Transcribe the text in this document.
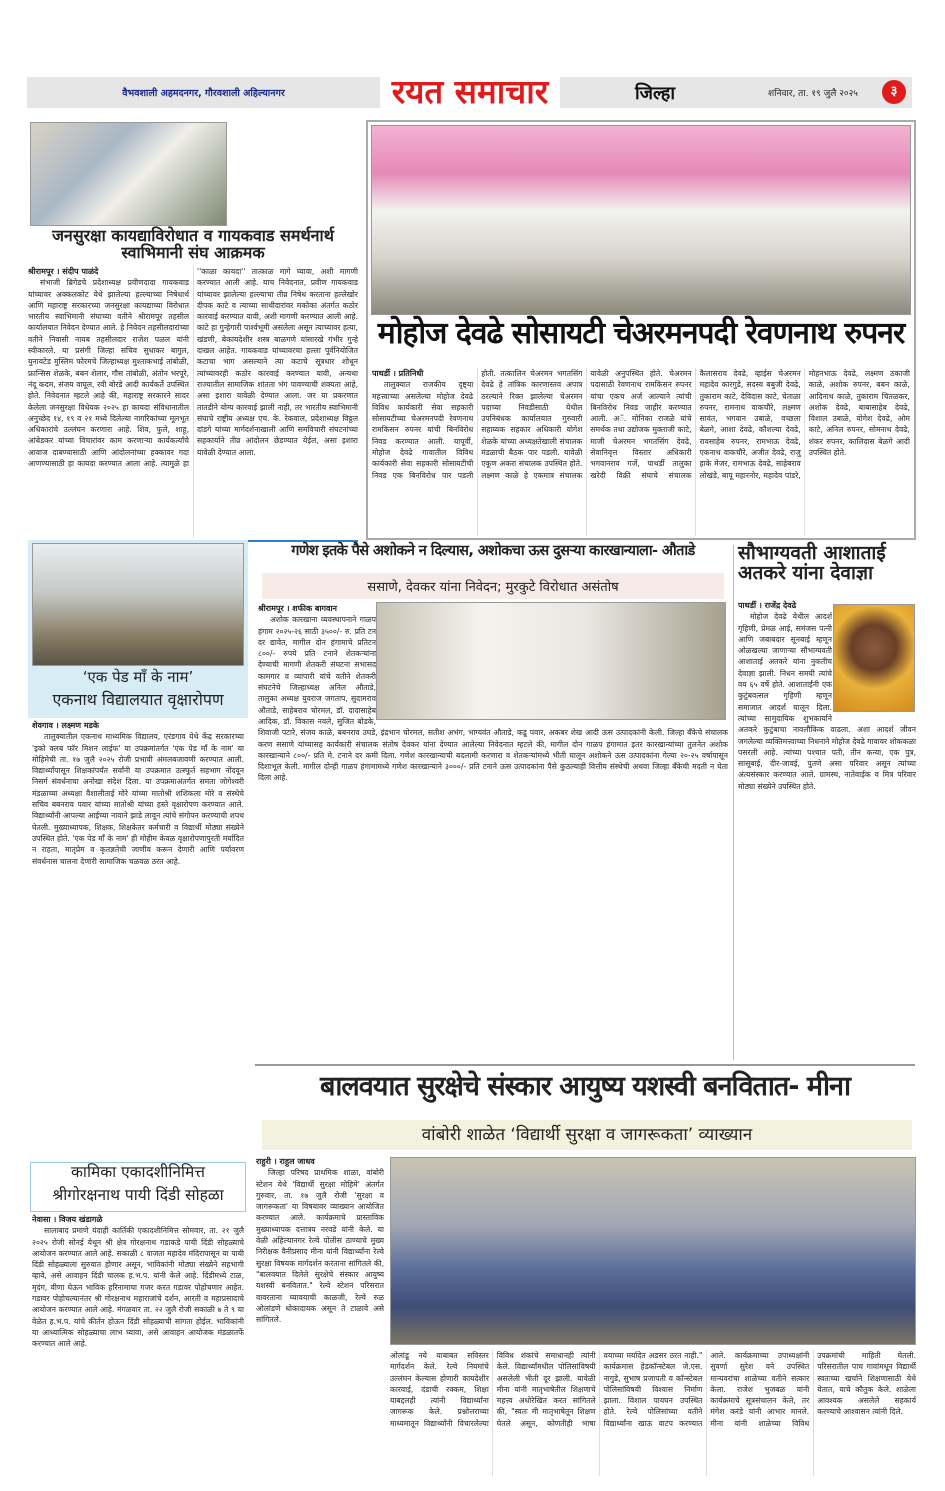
वैभवशाली अहमदनगर, गौरवशाली अहिल्यानगर	रयत समाचार	जिल्हा	शनिवार, ता. १९ जुलै २०२५	३
जनसुरक्षा कायद्याविरोधात व गायकवाड समर्थनार्थ स्वाभिमानी संघ आक्रमक
श्रीरामपूर । संदीप पाळंदे

संभाजी ब्रिगेडचे प्रदेशाध्यक्ष प्रवीणदादा गायकवाड यांच्यावर अक्कलकोट येथे झालेल्या हल्ल्याच्या निषेधार्थ आणि महाराष्ट्र सरकारच्या जनसुरक्षा कायद्याच्या विरोधात भारतीय स्वाभिमानी संघाच्या वतीने श्रीरामपूर तहसील कार्यालयात निवेदन देण्यात आले. हे निवेदन तहसीलदारांच्या वतीने निवासी नायब तहसीलदार राजेश पळल यांनी स्वीकारले. या प्रसंगी जिल्हा सचिव सुधाकर बागुल, युनायटेड मुस्लिम फोरमचे जिल्हाध्यक्ष मुश्ताकभाई तांबोळी, फ्रान्सिस शेळके, बबन शेलार, गौस तांबोळी, अंतोन भरपूरे, नंदू कदम, संजय वाघूल, रवी बोरडे आदी कार्यकर्ते उपस्थित होते. निवेदनात म्हटले आहे की, महाराष्ट्र सरकारने सादर केलेला जनसुरक्षा विधेयक २०२५ हा कायदा संविधानातील अनुच्छेद १४, १९ व २१ मध्ये दिलेल्या नागरिकांच्या मूलभूत अधिकारांचे उल्लंघन करणारा आहे. शिव, फुले, शाहू, आंबेडकर यांच्या विचारांवर काम करणाऱ्या कार्यकर्त्यांचे आवाज दाबण्यासाठी आणि आंदोलनांच्या हक्कावर गदा आणण्यासाठी हा कायदा करण्यात आला आहे. त्यामुळे हा ''काळा कायदा'' तात्काळ मागे घ्यावा, अशी मागणी करण्यात आली आहे. याच निवेदनात, प्रवीण गायकवाड यांच्यावर झालेल्या हल्ल्याचा तीव्र निषेध करताना हल्लेखोर दीपक काटे व त्याच्या साथीदारांवर मकोका अंतर्गत कठोर कारवाई करण्यात यावी, अशी मागणी करण्यात आली आहे. काटे हा गुन्हेगारी पार्श्वभूमी असलेला असून त्याच्यावर हत्या, खंडणी, बेकायदेशीर शस्त्र बाळगणे यांसारखे गंभीर गुन्हे दाखल आहेत. गायकवाड यांच्यावरचा हल्ला पूर्वनियोजित कटाचा भाग असल्याने त्या कटाचे सूत्रधार शोधून त्यांच्यावरही कठोर कारवाई करण्यात यावी, अन्यथा राज्यातील सामाजिक शांतता भंग पावण्याची शक्यता आहे, असा इशारा यावेळी देण्यात आला. जर या प्रकरणात तातडीने योग्य कारवाई झाली नाही, तर भारतीय स्वाभिमानी संघाचे राष्ट्रीय अध्यक्ष एच. के. रेकवाल, प्रदेशाध्यक्ष विठ्ठल दांडगे यांच्या मार्गदर्शनाखाली आणि समविचारी संघटनांच्या सहकार्याने तीव्र आंदोलन छेडण्यात येईल, असा इशारा यावेळी देण्यात आला.

मोहोज देवढे सोसायटी चेअरमनपदी रेवणनाथ रुपनर
पाथर्डी । प्रतिनिधी

तालुक्यात राजकीय दृष्ट्या महत्त्वाच्या असलेल्या मोहोज देवढे विविध कार्यकारी सेवा सहकारी सोसायटीच्या चेअरमनपदी रेवणनाथ रामकिसन रुपनर यांची बिनविरोध निवड करण्यात आली. यापूर्वी, मोहोज देवढे गावातील विविध कार्यकारी सेवा सहकारी सोसायटीची निवड एक बिनविरोध पार पडली होती. तत्कालिन चेअरमन भगतसिंग देवढे हे तांत्रिक कारणास्तव अपात्र ठरल्याने रिक्त झालेल्या चेअरमन पदाच्या निवडीसाठी येथील उपनिबंधक कार्यालयात गुरुवारी सहाय्यक सहकार अधिकारी योगेश शेळके यांच्या अध्यक्षतेखाली संचालक मंडळाची बैठक पार पडली. यावेळी एकूण अकरा संचालक उपस्थित होते. लक्ष्मण काळे हे एकमात्र संचालक यावेळी अनुपस्थित होते. चेअरमन पदासाठी रेवणनाथ रामकिसन रुपनर यांचा एकच अर्ज आल्याने त्यांची बिनविरोध निवड जाहीर करण्यात आली. अॅ. मोनिका राजळे यांचे समर्थक तथा उद्योजक मुक्ताजी काटे, माजी चेअरमन भगतसिंग देवढे, सेवानिवृत्त विस्तार अधिकारी भगवानराव गर्जे, पाथर्डी तालुका खरेदी विक्री संघाचे संचालक कैलासराव देवढे, व्हाईस चेअरमन महादेव कारगुडे, सदस्य बबुजी देवढे, तुकाराम काटे, देविदास काटे, चेताळा रुपनर, रामनाथ वाकचौरे, लक्ष्मण सावंत, भगवान उबाळे, वच्छला बेळगे, आशा देवढे, कौशल्या देवढे, रावसाहेब रुपनर, रामभाऊ देवढे, एकनाथ वाकचौरे, अजीत देवढे, राजु हाके मेजर, रामभाऊ देवढे, साहेबराव लोखंडे, बापू महारनोर, महादेव पांडरे, मोहनभाऊ देवढे, लक्ष्मण ठकाजी काळे, अशोक रुपनर, बबन काळे, आदिनाथ काळे, तुकाराम चितळकर, अशोक देवढे, बाबासाहेब देवढे, विशाल उबाळे, योगेश देवढे, ओम काटे, अनिल रुपनर, सोमनाथ देवढे, शंकर रुपनर, कालिदास बेळगे आदी उपस्थित होते.

गणेश इतके पैसे अशोकने न दिल्यास, अशोकचा ऊस दुसऱ्या कारखान्याला- औताडे
ससाणे, देवकर यांना निवेदन; मुरकुटे विरोधात असंतोष
श्रीरामपूर । शफीक बागवान

अशोक कारखाना व्यवस्थापनाने गाळप हंगाम २०२५-२६ साठी ३५००/- रु. प्रति टन दर द्यावेत, मागील दोन हंगामाचे प्रतिटन ८००/- रुपये प्रति टनाने शेतकऱ्यांना देण्याची मागणी शेतकरी संघटना सभासद कामगार व व्यापारी यांचे वतीने शेतकरी संघटनेचे जिल्हाध्यक्ष अनिल औताडे, तालुका अध्यक्ष युवराज जगताप, सुदामराव औताडे, साहेबराव चोरमल, डॉ. दादासाहेब आदिक, डॉ. विकास नवले, सुजित बोडके, शिवाजी पटारे, संजय काळे, बबनराव उघडे, इंद्रभान चोरमल, सतीश अभंग, भाग्यवंत औताडे, कडू पवार, अकबर शेख आदी ऊस उत्पादकांनी केली. जिल्हा बँकेचे संचालक करण ससाणे यांच्यासह कार्यकारी संचालक संतोष देवकर यांना देण्यात आलेल्या निवेदनात म्हटले की, मागील दोन गाळप हंगामात इतर कारखान्यांच्या तुलनेत अशोक कारखान्याने ८००/- प्रति मे. टनाने दर कमी दिला. गणेश कारखान्याची बदलामी करणारा व शेतकऱ्यांमध्ये भीती घालून अशोकने ऊस उत्पादकांना गेल्या २०-२५ वर्षापासून दिशाभूल केली. मागील दोन्ही गाळप हंगामामध्ये गणेश कारखान्याने ३०००/- प्रति टनाने ऊस उत्पादकांना पैसे कुठल्याही वित्तीय संस्थेची अथवा जिल्हा बँकेची मदती न घेता दिला आहे.

सौभाग्यवती आशाताई अतकरे यांना देवाज्ञा
पाथर्डी । राजेंद्र देवढे

मोहोज देवढे येथील आदर्श गृहिणी, प्रेमळ आई, समंजस पत्नी आणि जबाबदार सूनबाई म्हणून ओळखल्या जाणाऱ्या सौभाग्यवती आशाताई अतकरे यांना नुकतीच देवाज्ञा झाली. निधन समयी त्यांचे वय ६५ वर्षे होते. आशाताईंनी एक कुटुंबवत्सल गृहिणी म्हणून समाजात आदर्श घालून दिला. त्यांच्या सामुदायिक शुभकार्याने अतकरे कुटुंबाचा नावलौकिक वाढला. अशा आदर्श जीवन जगलेल्या व्यक्तिमत्त्वाच्या निधनाने मोहोज देवढे गावावर शोककळा पसरली आहे. त्यांच्या पश्चात पती, तीन कन्या, एक पुत्र, सासूबाई, दीर-जावई, पुतणे असा परिवार असून त्यांच्या अंत्यसंस्कार करण्यात आले. ग्रामस्थ, नातेवाईक व मित्र परिवार मोठ्या संख्येने उपस्थित होते.

‘एक पेड माँ के नाम’
एकनाथ विद्यालयात वृक्षारोपण
शेवगाव । लक्ष्मण मडके

तालुक्यातील एकनाथ माध्यमिक विद्यालय, एरंडगाव येथे केंद्र सरकारच्या 'इको क्लब फॉर मिशन लाईफ' या उपक्रमांतर्गत 'एक पेड माँ के नाम' या मोहिमेची ता. १७ जुलै २०२५ रोजी प्रभावी अंमलबजावणी करण्यात आली. विद्यार्थ्यांपासून शिक्षकांपर्यंत सर्वांनी या उपक्रमात उत्स्फूर्त सहभाग नोंदवून निसर्ग संवर्धनाचा अनोखा संदेश दिला. या उपक्रमाअंतर्गत समता जोगेश्वरी मंडळाच्या अध्यक्षा वैशालीताई मोरे यांच्या मातोश्री शशिकला मोरे व संस्थेचे सचिव बबनराव पवार यांच्या मातोश्री यांच्या हस्ते वृक्षारोपण करण्यात आले. विद्यार्थ्यांनी आपल्या आईच्या नावाने झाडे लावून त्यांचे संगोपन करण्याची शपथ घेतली. मुख्याध्यापक, शिक्षक, शिक्षकेतर कर्मचारी व विद्यार्थी मोठ्या संख्येने उपस्थित होते. 'एक पेड माँ के नाम' ही मोहीम केवळ वृक्षारोपणापुरती मर्यादित न राहता, मातृप्रेम व कृतज्ञतेची जाणीव करून देणारी आणि पर्यावरण संवर्धनास चालना देणारी सामाजिक चळवळ ठरत आहे.

कामिका एकादशीनिमित्त
श्रीगोरक्षनाथ पायी दिंडी सोहळा
नेवासा । विजय खंडागळे

सालाबाद प्रमाणे यंदाही कार्तिकी एकादशीनिमित्त सोमवार, ता. २१ जुलै २०२५ रोजी सोनई येथून श्री क्षेत्र गोरक्षनाथ गडाकडे पायी दिंडी सोहळ्याचे आयोजन करण्यात आले आहे. सकाळी ८ वाजता महादेव मंदिरापासून या पायी दिंडी सोहळ्याला सुरुवात होणार असून, भाविकांनी मोठ्या संख्येने सहभागी व्हावे, असे आवाहन दिंडी चालक ह.भ.प. यांनी केले आहे. दिंडीमध्ये टाळ, मृदंग, वीणा घेऊन भाविक हरिनामाचा गजर करत गडावर पोहोचणार आहेत. गडावर पोहोचल्यानंतर श्री गोरक्षनाथ महाराजांचे दर्शन, आरती व महाप्रसादाचे आयोजन करण्यात आले आहे. मंगळवार ता. २२ जुलै रोजी सकाळी ७ ते ९ या वेळेत ह.भ.प. यांचे कीर्तन होऊन दिंडी सोहळ्याची सांगता होईल. भाविकांनी या आध्यात्मिक सोहळ्याचा लाभ घ्यावा, असे आवाहन आयोजक मंडळातर्फे करण्यात आले आहे.

बालवयात सुरक्षेचे संस्कार आयुष्य यशस्वी बनवितात- मीना
वांबोरी शाळेत ‘विद्यार्थी सुरक्षा व जागरूकता’ व्याख्यान
राहुरी । राहुल जाधव

जिल्हा परिषद प्राथमिक शाळा, वांबोरी स्टेशन येथे 'विद्यार्थी सुरक्षा मोहिमे' अंतर्गत गुरुवार, ता. १७ जुलै रोजी 'सुरक्षा व जागरूकता' या विषयावर व्याख्यान आयोजित करण्यात आले. कार्यक्रमाचे प्रास्ताविक मुख्याध्यापक दत्तात्रय नरवडे यांनी केले. या वेळी अहिल्यानगर रेल्वे पोलीस ठाण्याचे मुख्य निरीक्षक वैनीप्रसाद मीना यांनी विद्यार्थ्यांना रेल्वे सुरक्षा विषयक मार्गदर्शन करताना सांगितले की, "बालवयात दिलेले सुरक्षेचे संस्कार आयुष्य यशस्वी बनवितात." रेल्वे स्टेशन परिसरात वावरताना घ्यावयाची काळजी, रेल्वे रुळ ओलांडणे धोकादायक असून ते टाळावे असे सांगितले.

ओलांडू नये याबाबत सविस्तर मार्गदर्शन केले. रेल्वे नियमांचे उल्लंघन केल्यास होणारी कायदेशीर कारवाई, दंडाची रक्कम, शिक्षा याबद्दलही त्यांनी विद्यार्थ्यांना जागरूक केले. प्रश्नोत्तराच्या माध्यमातून विद्यार्थ्यांनी विचारलेल्या विविध शंकांचे समाधानही त्यांनी केले. विद्यार्थ्यांमधील पोलिसांविषयी असलेली भीती दूर झाली. यावेळी मीना यांनी मातृभाषेतील शिक्षणाचे महत्त्व अधोरेखित करत सांगितले की, "स्वतः मी मातृभाषेतून शिक्षण घेतले असून, कोणतीही भाषा वयाच्या मर्यादेत अडसर ठरत नाही." कार्यक्रमास हेडकॉन्स्टेबल जे.एस. नागुडे, सुभाष प्रजापती व कॉन्स्टेबल पोलिसांविषयी विश्वास निर्माण झाला. विशाल पायघन उपस्थित होते. रेल्वे पोलिसांच्या वतीने विद्यार्थ्यांना खाऊ वाटप करण्यात आले. कार्यक्रमाच्या उपाध्यक्षांनी सुवर्णा सुरेश वने उपस्थित मान्यवरांचा शाळेच्या वतीने सत्कार केला. राजेश भुजबळ यांनी कार्यक्रमाचे सूत्रसंचालन केले, तर मंगेश करंडे यांनी आभार मानले. मीना यांनी शाळेच्या विविध उपक्रमांची माहिती घेतली. परिसरातील पाच गावांमधून विद्यार्थी स्वतःच्या खर्चाने शिक्षणासाठी येथे येतात, याचे कौतुक केले. शाळेला आवश्यक असलेले सहकार्य करण्याचे आश्वासन त्यांनी दिले.
